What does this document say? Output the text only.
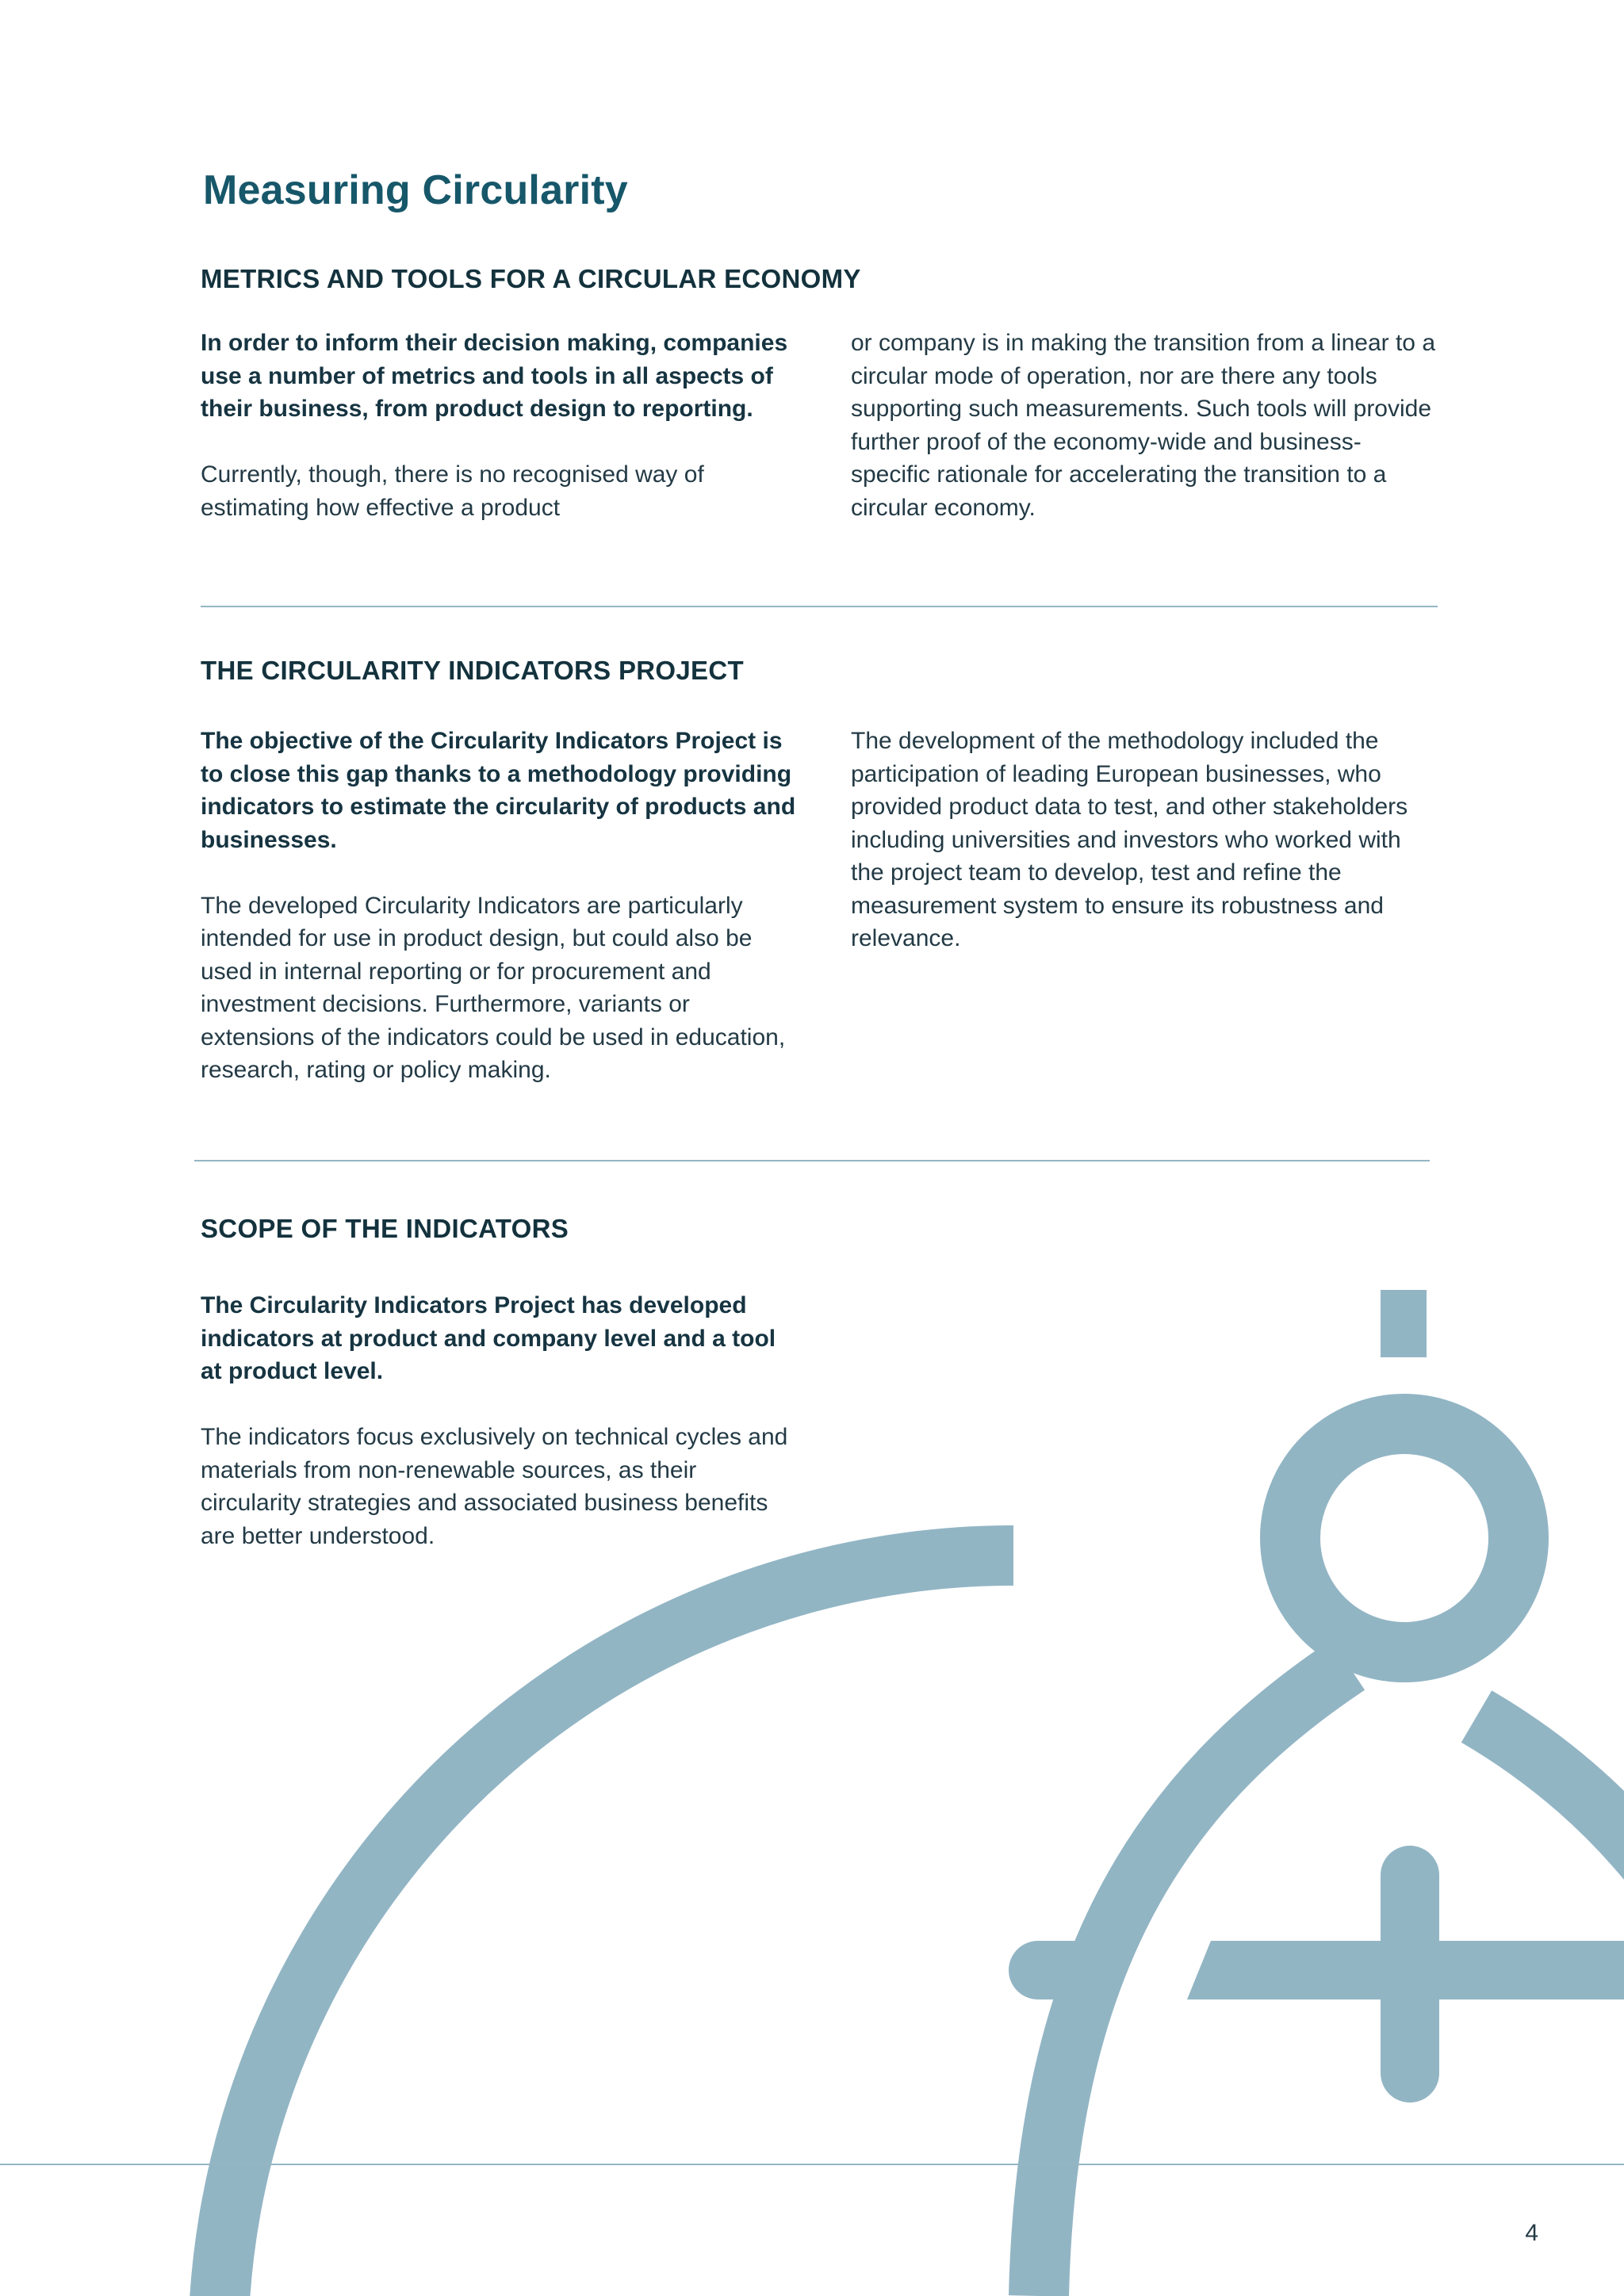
Measuring Circularity
METRICS AND TOOLS FOR A CIRCULAR ECONOMY

In order to inform their decision making, companies use a number of metrics and tools in all aspects of their business, from product design to reporting.

Currently, though, there is no recognised way of estimating how effective a product

or company is in making the transition from a linear to a circular mode of operation, nor are there any tools supporting such measurements. Such tools will provide further proof of the economy-wide and business-specific rationale for accelerating the transition to a circular economy.

THE CIRCULARITY INDICATORS PROJECT

The objective of the Circularity Indicators Project is to close this gap thanks to a methodology providing indicators to estimate the circularity of products and businesses.

The developed Circularity Indicators are particularly intended for use in product design, but could also be used in internal reporting or for procurement and investment decisions. Furthermore, variants or extensions of the indicators could be used in education, research, rating or policy making.

The development of the methodology included the participation of leading European businesses, who provided product data to test, and other stakeholders including universities and investors who worked with the project team to develop, test and refine the measurement system to ensure its robustness and relevance.

SCOPE OF THE INDICATORS

The Circularity Indicators Project has developed indicators at product and company level and a tool at product level.

The indicators focus exclusively on technical cycles and materials from non-renewable sources, as their circularity strategies and associated business benefits are better understood.

4
